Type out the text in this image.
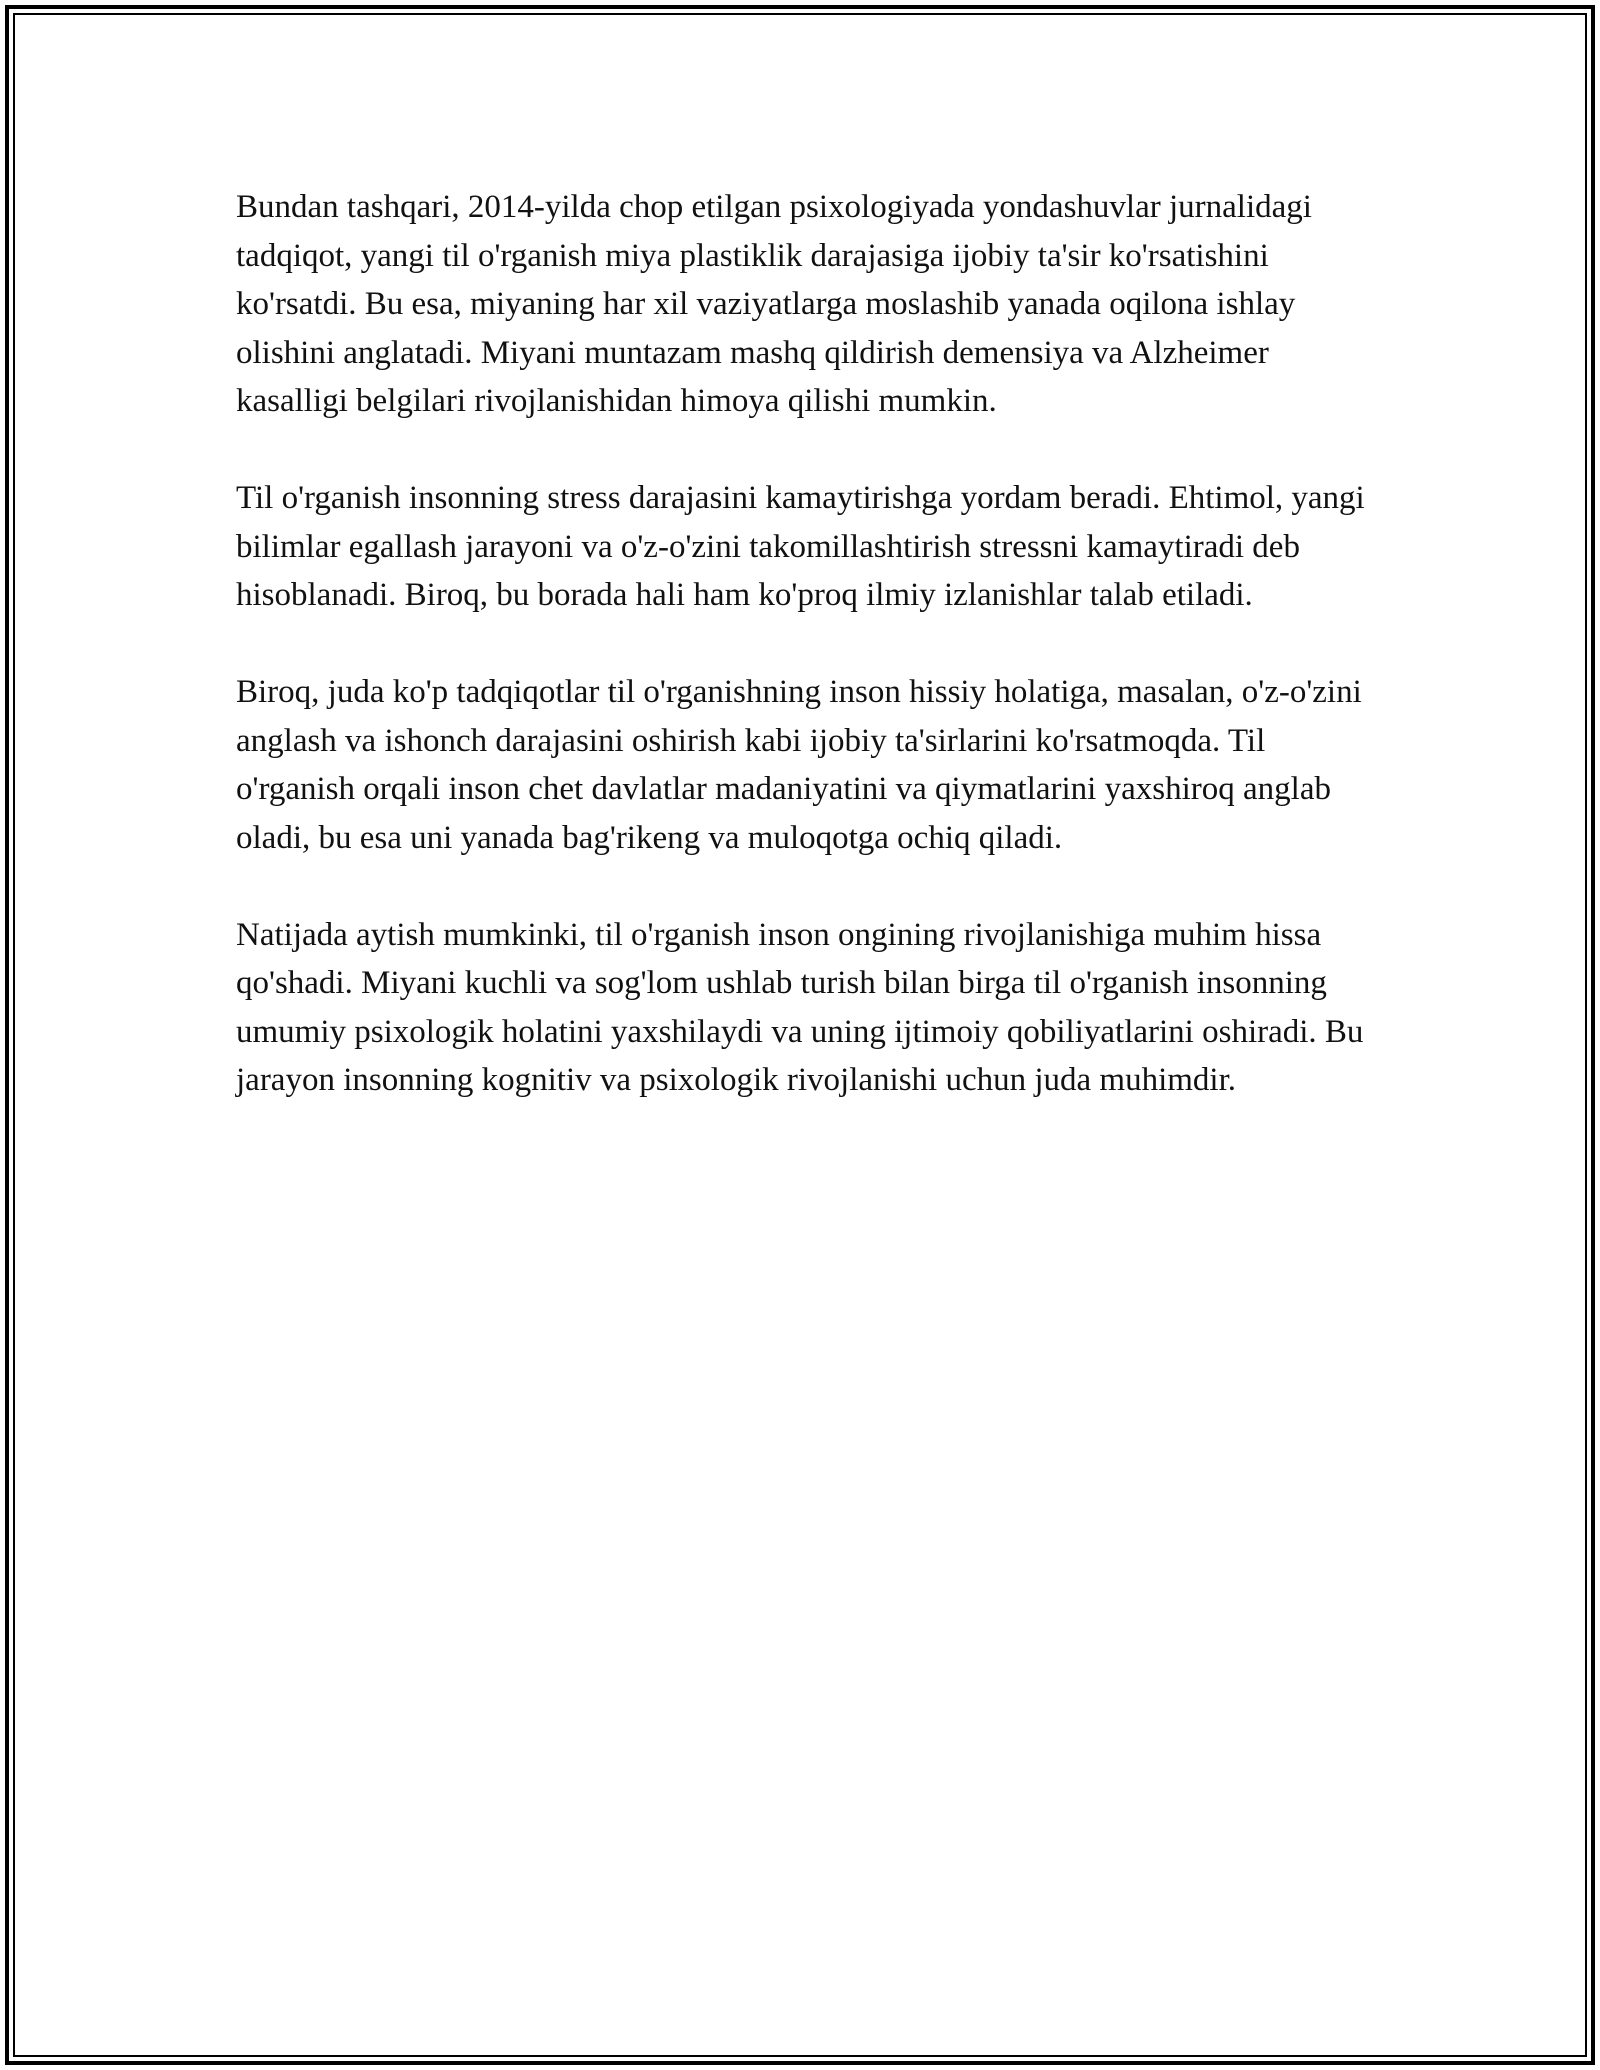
Bundan tashqari, 2014-yilda chop etilgan psixologiyada yondashuvlar jurnalidagi tadqiqot, yangi til o'rganish miya plastiklik darajasiga ijobiy ta'sir ko'rsatishini ko'rsatdi. Bu esa, miyaning har xil vaziyatlarga moslashib yanada oqilona ishlay olishini anglatadi. Miyani muntazam mashq qildirish demensiya va Alzheimer kasalligi belgilari rivojlanishidan himoya qilishi mumkin.

Til o'rganish insonning stress darajasini kamaytirishga yordam beradi. Ehtimol, yangi bilimlar egallash jarayoni va o'z-o'zini takomillashtirish stressni kamaytiradi deb hisoblanadi. Biroq, bu borada hali ham ko'proq ilmiy izlanishlar talab etiladi.

Biroq, juda ko'p tadqiqotlar til o'rganishning inson hissiy holatiga, masalan, o'z-o'zini anglash va ishonch darajasini oshirish kabi ijobiy ta'sirlarini ko'rsatmoqda. Til o'rganish orqali inson chet davlatlar madaniyatini va qiymatlarini yaxshiroq anglab oladi, bu esa uni yanada bag'rikeng va muloqotga ochiq qiladi.

Natijada aytish mumkinki, til o'rganish inson ongining rivojlanishiga muhim hissa qo'shadi. Miyani kuchli va sog'lom ushlab turish bilan birga til o'rganish insonning umumiy psixologik holatini yaxshilaydi va uning ijtimoiy qobiliyatlarini oshiradi. Bu jarayon insonning kognitiv va psixologik rivojlanishi uchun juda muhimdir.
